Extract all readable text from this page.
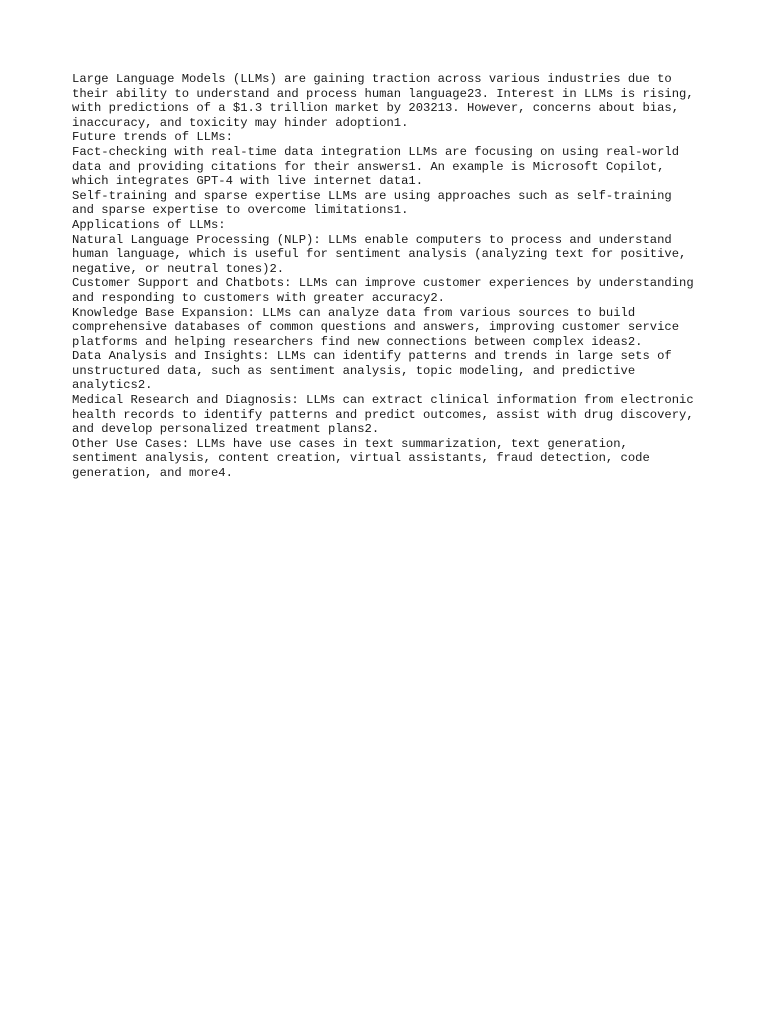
Large Language Models (LLMs) are gaining traction across various industries due to their ability to understand and process human language23. Interest in LLMs is rising, with predictions of a $1.3 trillion market by 203213. However, concerns about bias, inaccuracy, and toxicity may hinder adoption1.

Future trends of LLMs:

Fact-checking with real-time data integration LLMs are focusing on using real-world data and providing citations for their answers1. An example is Microsoft Copilot, which integrates GPT-4 with live internet data1.

Self-training and sparse expertise LLMs are using approaches such as self-training and sparse expertise to overcome limitations1.

Applications of LLMs:

Natural Language Processing (NLP): LLMs enable computers to process and understand human language, which is useful for sentiment analysis (analyzing text for positive, negative, or neutral tones)2.

Customer Support and Chatbots: LLMs can improve customer experiences by understanding and responding to customers with greater accuracy2.

Knowledge Base Expansion: LLMs can analyze data from various sources to build comprehensive databases of common questions and answers, improving customer service platforms and helping researchers find new connections between complex ideas2.

Data Analysis and Insights: LLMs can identify patterns and trends in large sets of unstructured data, such as sentiment analysis, topic modeling, and predictive analytics2.

Medical Research and Diagnosis: LLMs can extract clinical information from electronic health records to identify patterns and predict outcomes, assist with drug discovery, and develop personalized treatment plans2.

Other Use Cases: LLMs have use cases in text summarization, text generation, sentiment analysis, content creation, virtual assistants, fraud detection, code generation, and more4.
